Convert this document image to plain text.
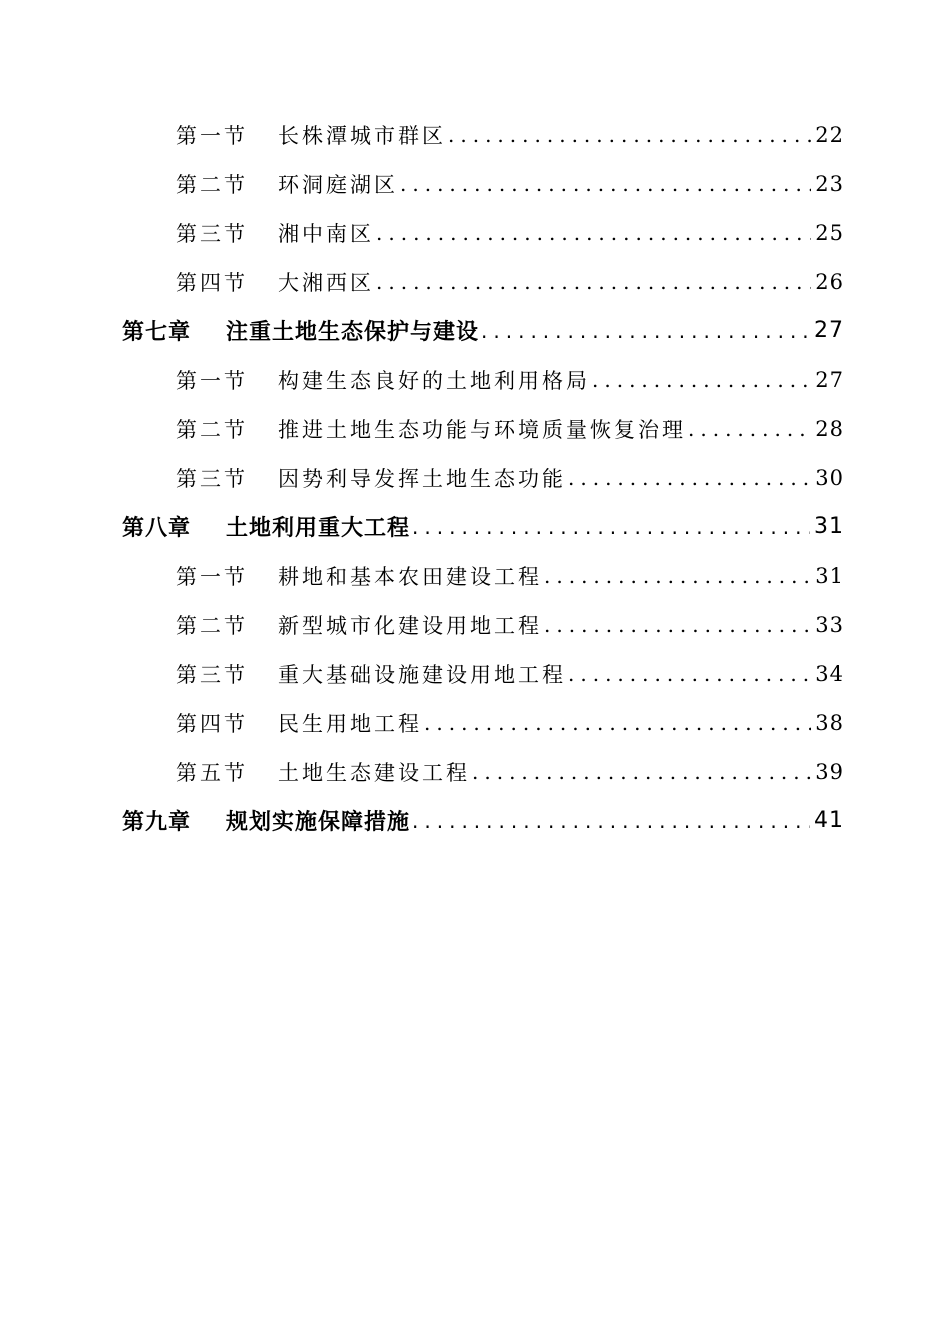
第一节	长株潭城市群区 .....	22
第二节	环洞庭湖区 .....	23
第三节	湘中南区 .....	25
第四节	大湘西区 .....	26
第七章	注重土地生态保护与建设 .....	27
第一节	构建生态良好的土地利用格局 .....	27
第二节	推进土地生态功能与环境质量恢复治理 .....	28
第三节	因势利导发挥土地生态功能 .....	30
第八章	土地利用重大工程 .....	31
第一节	耕地和基本农田建设工程 .....	31
第二节	新型城市化建设用地工程 .....	33
第三节	重大基础设施建设用地工程 .....	34
第四节	民生用地工程 .....	38
第五节	土地生态建设工程 .....	39
第九章	规划实施保障措施 .....	41
